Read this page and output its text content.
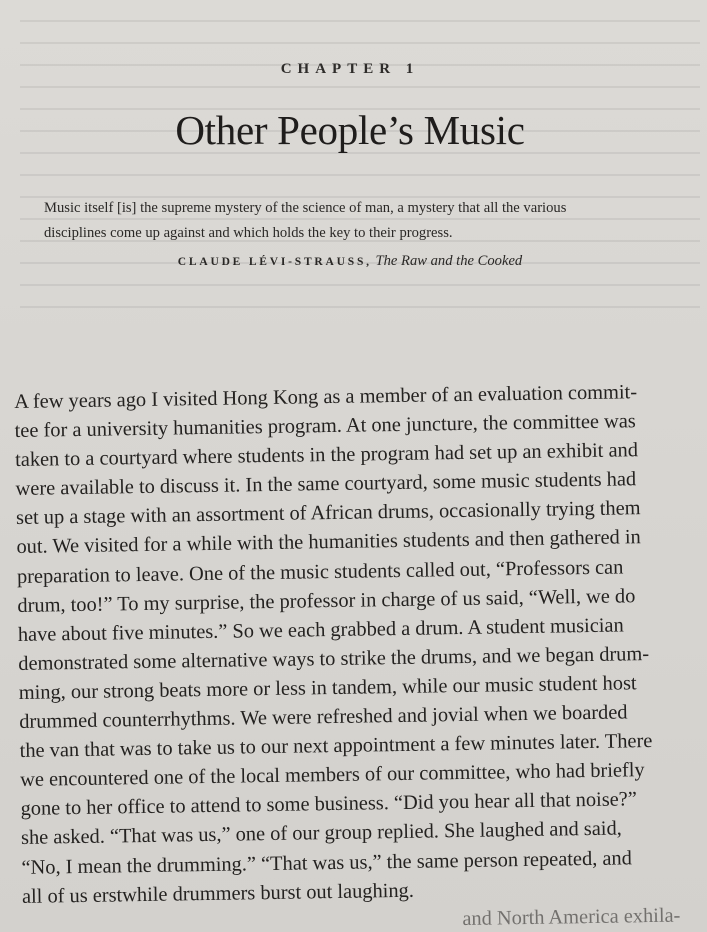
CHAPTER 1
Other People’s Music
Music itself [is] the supreme mystery of the science of man, a mystery that all the various
disciplines come up against and which holds the key to their progress.
CLAUDE LÉVI-STRAUSS, The Raw and the Cooked
A few years ago I visited Hong Kong as a member of an evaluation commit-
tee for a university humanities program. At one juncture, the committee was
taken to a courtyard where students in the program had set up an exhibit and
were available to discuss it. In the same courtyard, some music students had
set up a stage with an assortment of African drums, occasionally trying them
out. We visited for a while with the humanities students and then gathered in
preparation to leave. One of the music students called out, “Professors can
drum, too!” To my surprise, the professor in charge of us said, “Well, we do
have about five minutes.” So we each grabbed a drum. A student musician
demonstrated some alternative ways to strike the drums, and we began drum-
ming, our strong beats more or less in tandem, while our music student host
drummed counterrhythms. We were refreshed and jovial when we boarded
the van that was to take us to our next appointment a few minutes later. There
we encountered one of the local members of our committee, who had briefly
gone to her office to attend to some business. “Did you hear all that noise?”
she asked. “That was us,” one of our group replied. She laughed and said,
“No, I mean the drumming.” “That was us,” the same person repeated, and
all of us erstwhile drummers burst out laughing.
and North America exhila-
